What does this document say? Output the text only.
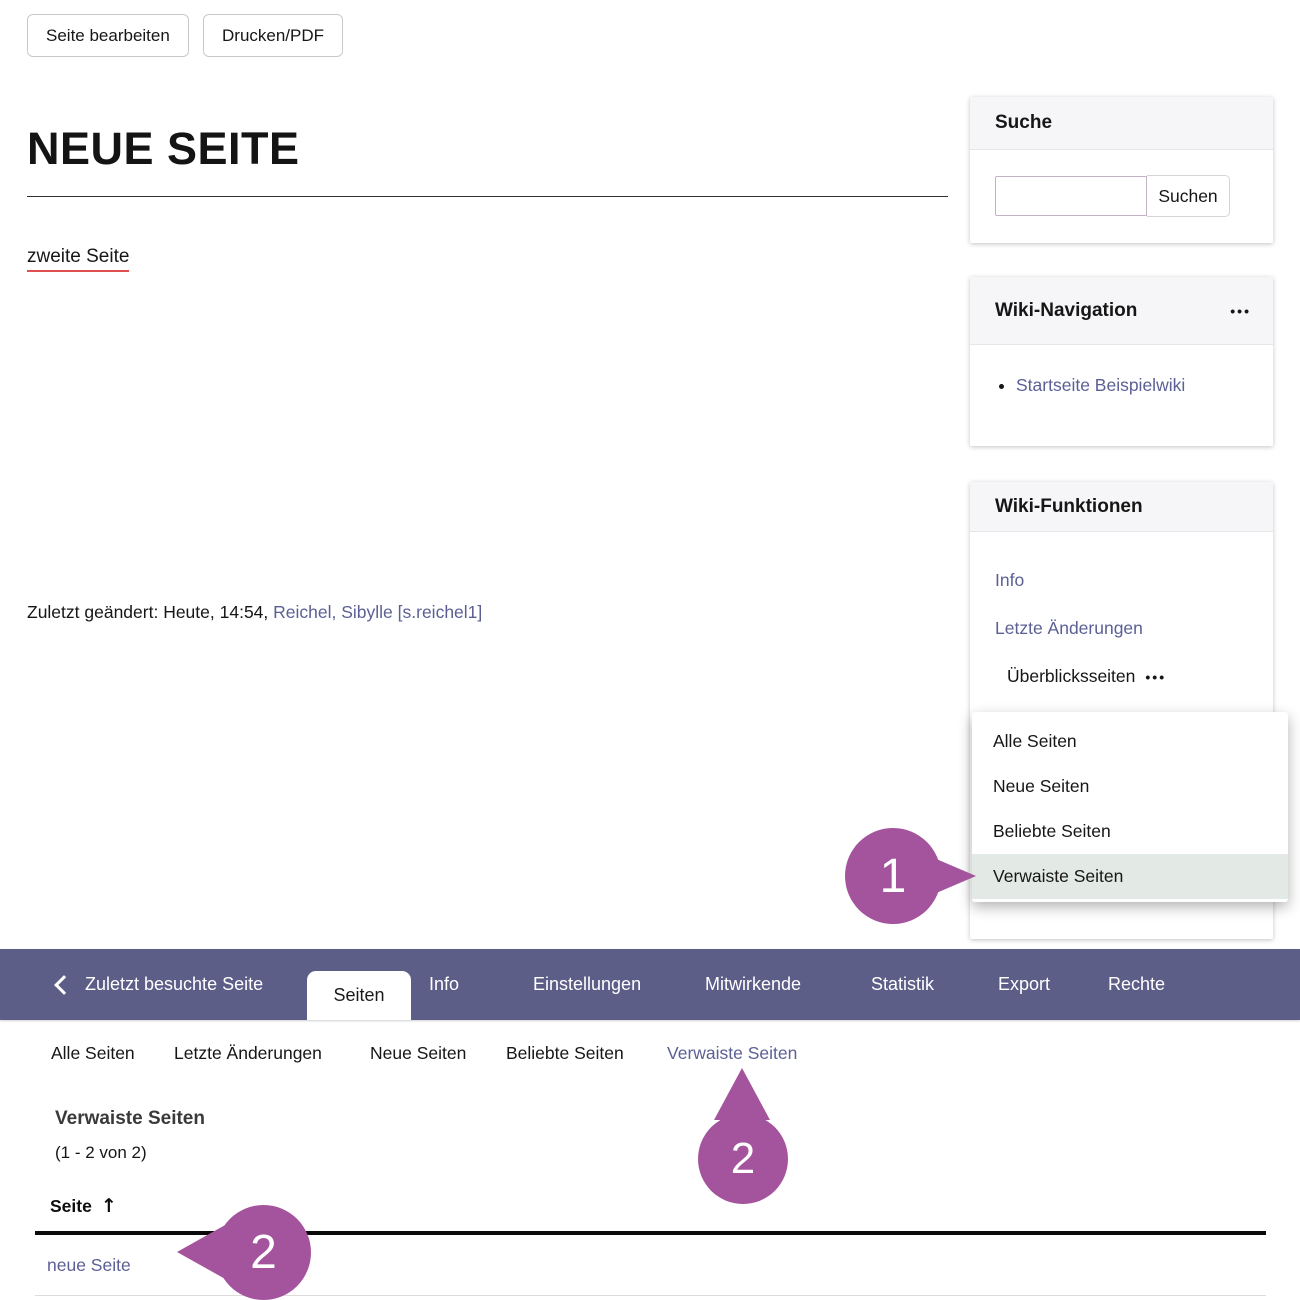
Seite bearbeiten	Drucken/PDF
NEUE SEITE
zweite Seite
Zuletzt geändert: Heute, 14:54, Reichel, Sibylle [s.reichel1]
Suche
Suchen
Wiki-Navigation	•••
• Startseite Beispielwiki
Wiki-Funktionen
Info
Letzte Änderungen
Überblicksseiten •••
Alle Seiten
Neue Seiten
Beliebte Seiten
Verwaiste Seiten
1
Zuletzt besuchte Seite
Seiten
Info	Einstellungen	Mitwirkende	Statistik	Export	Rechte
Alle Seiten Letzte Änderungen	Neue Seiten Beliebte Seiten Verwaiste Seiten
2
Verwaiste Seiten
(1 - 2 von 2)
Seite ↑
neue Seite 2
